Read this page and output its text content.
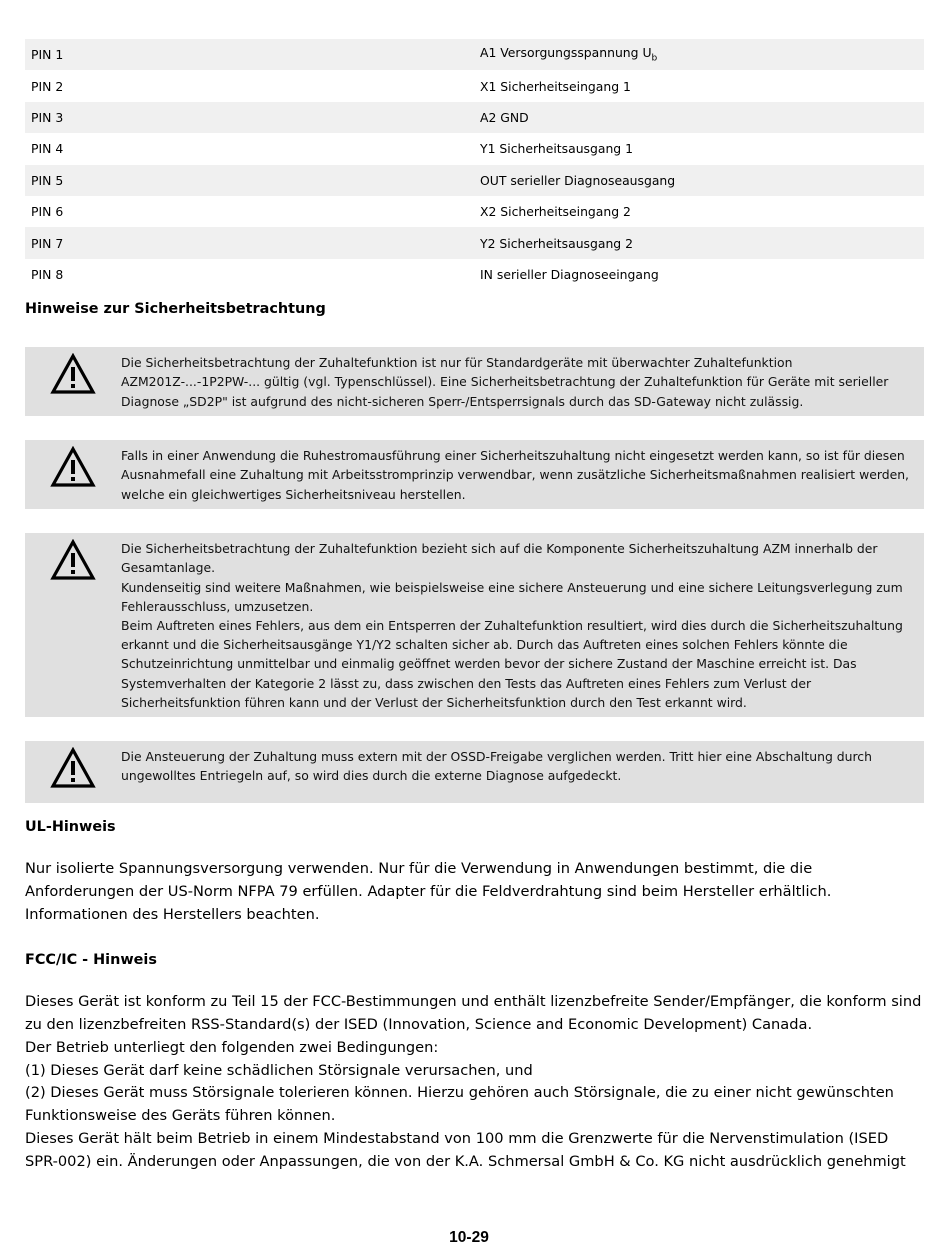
PIN 1	A1 Versorgungsspannung $U_b$
PIN 2	X1 Sicherheitseingang 1
PIN 3	A2 GND
PIN 4	Y1 Sicherheitsausgang 1
PIN 5	OUT serieller Diagnoseausgang
PIN 6	X2 Sicherheitseingang 2
PIN 7	Y2 Sicherheitsausgang 2
PIN 8	IN serieller Diagnoseeingang
Hinweise zur Sicherheitsbetrachtung

Die Sicherheitsbetrachtung der Zuhaltefunktion ist nur für Standardgeräte mit überwachter Zuhaltefunktion AZM201Z-...-1P2PW-... gültig (vgl. Typenschlüssel). Eine Sicherheitsbetrachtung der Zuhaltefunktion für Geräte mit serieller Diagnose „SD2P" ist aufgrund des nicht-sicheren Sperr-/Entsperrsignals durch das SD-Gateway nicht zulässig.

Falls in einer Anwendung die Ruhestromausführung einer Sicherheitszuhaltung nicht eingesetzt werden kann, so ist für diesen Ausnahmefall eine Zuhaltung mit Arbeitsstromprinzip verwendbar, wenn zusätzliche Sicherheitsmaßnahmen realisiert werden, welche ein gleichwertiges Sicherheitsniveau herstellen.

Die Sicherheitsbetrachtung der Zuhaltefunktion bezieht sich auf die Komponente Sicherheitszuhaltung AZM innerhalb der Gesamtanlage.

Kundenseitig sind weitere Maßnahmen, wie beispielsweise eine sichere Ansteuerung und eine sichere Leitungsverlegung zum Fehlerausschluss, umzusetzen.

Beim Auftreten eines Fehlers, aus dem ein Entsperren der Zuhaltefunktion resultiert, wird dies durch die Sicherheitszuhaltung erkannt und die Sicherheitsausgänge Y1/Y2 schalten sicher ab. Durch das Auftreten eines solchen Fehlers könnte die Schutzeinrichtung unmittelbar und einmalig geöffnet werden bevor der sichere Zustand der Maschine erreicht ist. Das Systemverhalten der Kategorie 2 lässt zu, dass zwischen den Tests das Auftreten eines Fehlers zum Verlust der Sicherheitsfunktion führen kann und der Verlust der Sicherheitsfunktion durch den Test erkannt wird.

Die Ansteuerung der Zuhaltung muss extern mit der OSSD-Freigabe verglichen werden. Tritt hier eine Abschaltung durch ungewolltes Entriegeln auf, so wird dies durch die externe Diagnose aufgedeckt.

UL-Hinweis

Nur isolierte Spannungsversorgung verwenden. Nur für die Verwendung in Anwendungen bestimmt, die die Anforderungen der US-Norm NFPA 79 erfüllen. Adapter für die Feldverdrahtung sind beim Hersteller erhältlich. Informationen des Herstellers beachten.

FCC/IC - Hinweis

Dieses Gerät ist konform zu Teil 15 der FCC-Bestimmungen und enthält lizenzbefreite Sender/Empfänger, die konform sind zu den lizenzbefreiten RSS-Standard(s) der ISED (Innovation, Science and Economic Development) Canada.

Der Betrieb unterliegt den folgenden zwei Bedingungen:

(1) Dieses Gerät darf keine schädlichen Störsignale verursachen, und

(2) Dieses Gerät muss Störsignale tolerieren können. Hierzu gehören auch Störsignale, die zu einer nicht gewünschten Funktionsweise des Geräts führen können.

Dieses Gerät hält beim Betrieb in einem Mindestabstand von 100 mm die Grenzwerte für die Nervenstimulation (ISED SPR-002) ein. Änderungen oder Anpassungen, die von der K.A. Schmersal GmbH & Co. KG nicht ausdrücklich genehmigt

10-29
